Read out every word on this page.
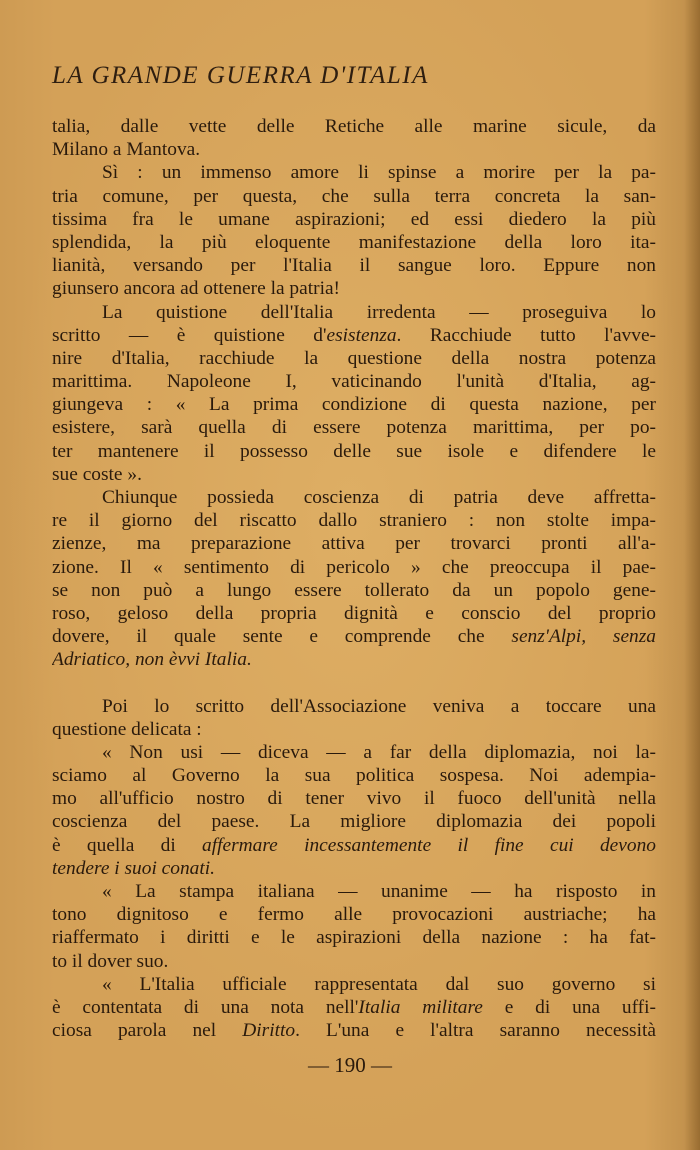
LA GRANDE GUERRA D'ITALIA
talia, dalle vette delle Retiche alle marine sicule, da
Milano a Mantova.
Sì : un immenso amore li spinse a morire per la pa-
tria comune, per questa, che sulla terra concreta la san-
tissima fra le umane aspirazioni; ed essi diedero la più
splendida, la più eloquente manifestazione della loro ita-
lianità, versando per l'Italia il sangue loro. Eppure non
giunsero ancora ad ottenere la patria!
La quistione dell'Italia irredenta — proseguiva lo
scritto — è quistione d'esistenza. Racchiude tutto l'avve-
nire d'Italia, racchiude la questione della nostra potenza
marittima. Napoleone I, vaticinando l'unità d'Italia, ag-
giungeva : « La prima condizione di questa nazione, per
esistere, sarà quella di essere potenza marittima, per po-
ter mantenere il possesso delle sue isole e difendere le
sue coste ».
Chiunque possieda coscienza di patria deve affretta-
re il giorno del riscatto dallo straniero : non stolte impa-
zienze, ma preparazione attiva per trovarci pronti all'a-
zione. Il « sentimento di pericolo » che preoccupa il pae-
se non può a lungo essere tollerato da un popolo gene-
roso, geloso della propria dignità e conscio del proprio
dovere, il quale sente e comprende che senz'Alpi, senza
Adriatico, non èvvi Italia.
Poi lo scritto dell'Associazione veniva a toccare una
questione delicata :
« Non usi — diceva — a far della diplomazia, noi la-
sciamo al Governo la sua politica sospesa. Noi adempia-
mo all'ufficio nostro di tener vivo il fuoco dell'unità nella
coscienza del paese. La migliore diplomazia dei popoli
è quella di affermare incessantemente il fine cui devono
tendere i suoi conati.
« La stampa italiana — unanime — ha risposto in
tono dignitoso e fermo alle provocazioni austriache; ha
riaffermato i diritti e le aspirazioni della nazione : ha fat-
to il dover suo.
« L'Italia ufficiale rappresentata dal suo governo si
è contentata di una nota nell'Italia militare e di una uffi-
ciosa parola nel Diritto. L'una e l'altra saranno necessità
— 190 —
